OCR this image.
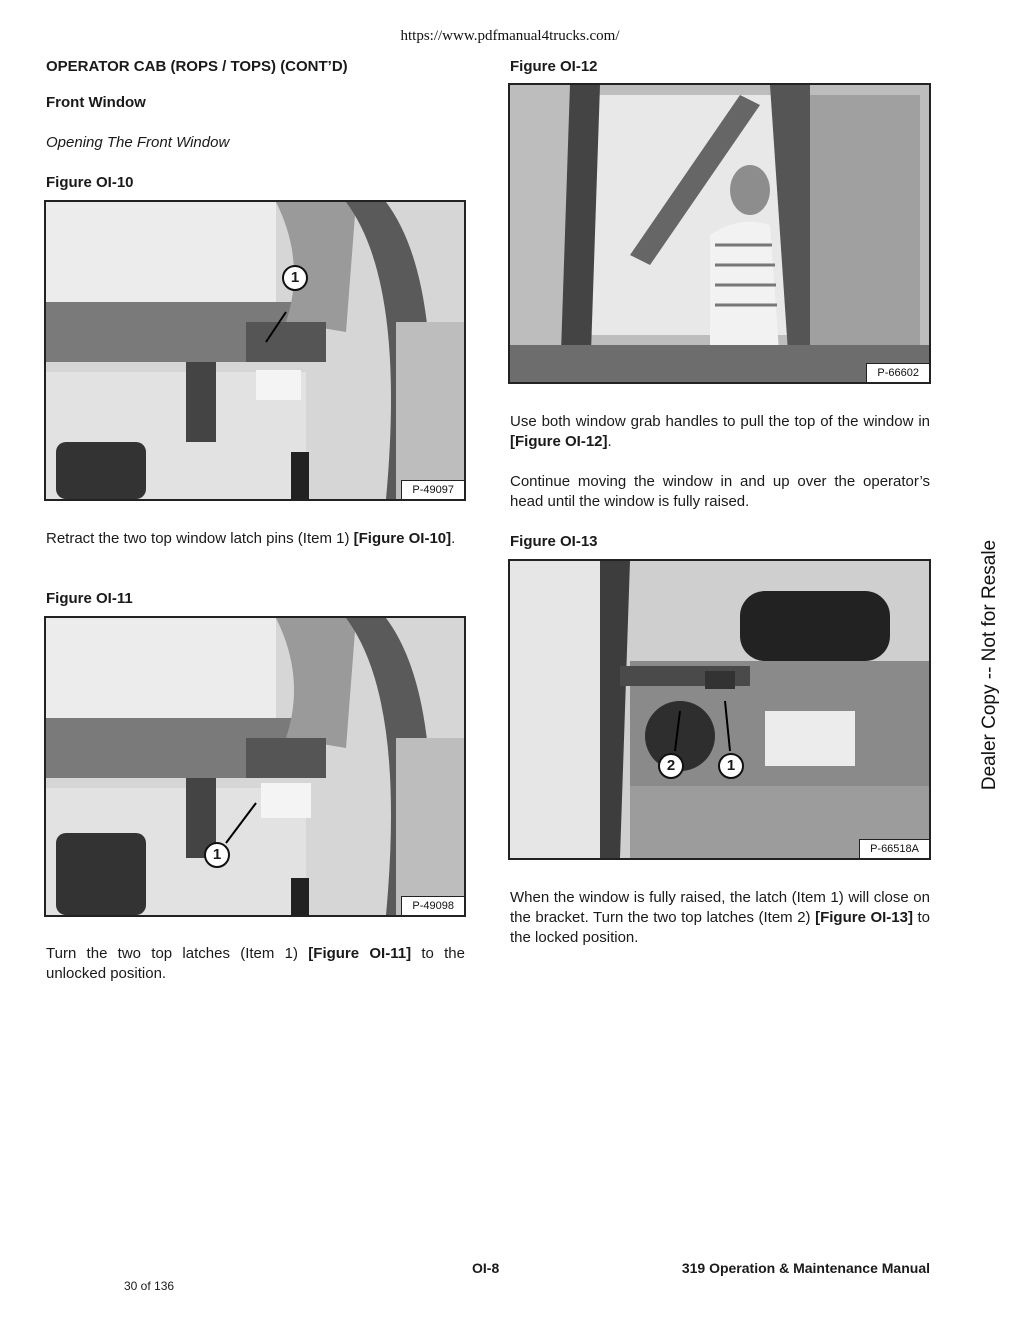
https://www.pdfmanual4trucks.com/
OPERATOR CAB (ROPS / TOPS) (CONT’D)
Front Window
Opening The Front Window
Figure OI-10
1
P-49097
Retract the two top window latch pins (Item 1) [Figure OI-10].
Figure OI-11
1
P-49098
Turn the two top latches (Item 1) [Figure OI-11] to the unlocked position.
Figure OI-12
P-66602
Use both window grab handles to pull the top of the window in [Figure OI-12].
Continue moving the window in and up over the operator’s head until the window is fully raised.
Figure OI-13
2	1
P-66518A
When the window is fully raised, the latch (Item 1) will close on the bracket. Turn the two top latches (Item 2) [Figure OI-13] to the locked position.
Dealer Copy -- Not for Resale
OI-8	319 Operation & Maintenance Manual
30 of 136
